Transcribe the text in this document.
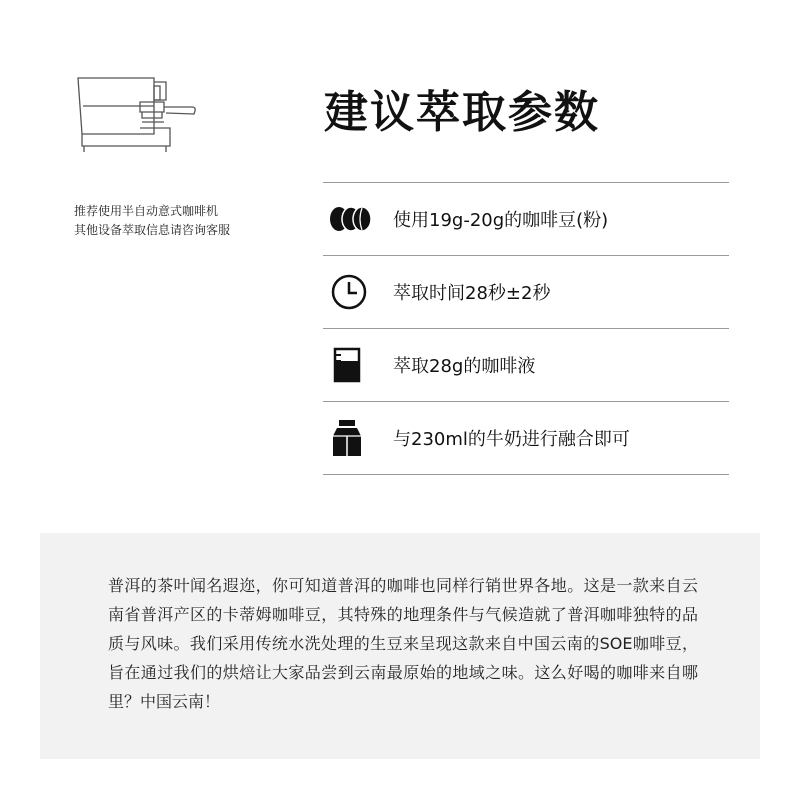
推荐使用半自动意式咖啡机
其他设备萃取信息请咨询客服
建议萃取参数
使用19g-20g的咖啡豆(粉)
萃取时间28秒±2秒
萃取28g的咖啡液
与230ml的牛奶进行融合即可
普洱的茶叶闻名遐迩，你可知道普洱的咖啡也同样行销世界各地。这是一款来自云南省普洱产区的卡蒂姆咖啡豆，其特殊的地理条件与气候造就了普洱咖啡独特的品质与风味。我们采用传统水洗处理的生豆来呈现这款来自中国云南的SOE咖啡豆，旨在通过我们的烘焙让大家品尝到云南最原始的地域之味。这么好喝的咖啡来自哪里？中国云南！
